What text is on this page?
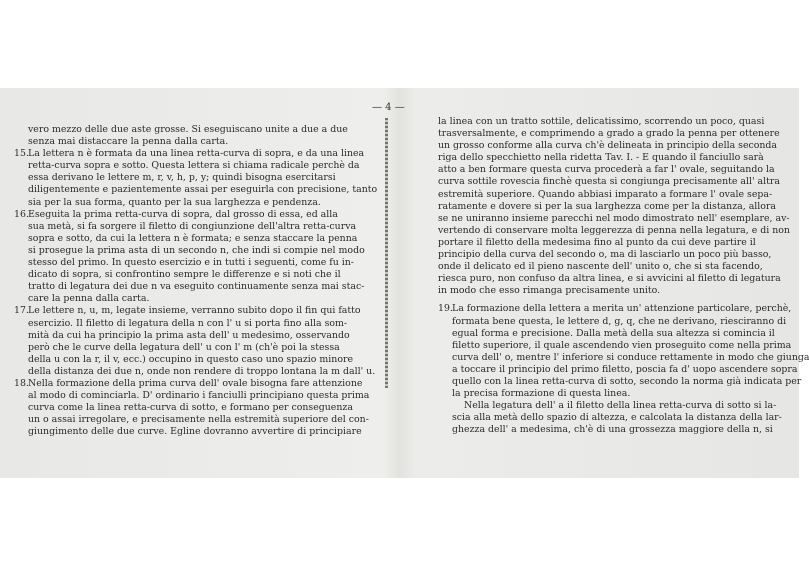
— 4 —
vero mezzo delle due aste grosse. Si eseguiscano unite a due a due
senza mai distaccare la penna dalla carta.
15. La lettera n è formata da una linea retta-curva di sopra, e da una linea
retta-curva sopra e sotto. Questa lettera si chiama radicale perchè da
essa derivano le lettere m, r, v, h, p, y; quindi bisogna esercitarsi
diligentemente e pazientemente assai per eseguirla con precisione, tanto
sia per la sua forma, quanto per la sua larghezza e pendenza.
16. Eseguita la prima retta-curva di sopra, dal grosso di essa, ed alla
sua metà, si fa sorgere il filetto di congiunzione dell'altra retta-curva
sopra e sotto, da cui la lettera n è formata; e senza staccare la penna
si prosegue la prima asta di un secondo n, che indi si compie nel modo
stesso del primo. In questo esercizio e in tutti i seguenti, come fu in-
dicato di sopra, si confrontino sempre le differenze e si noti che il
tratto di legatura dei due n va eseguito continuamente senza mai stac-
care la penna dalla carta.
17. Le lettere n, u, m, legate insieme, verranno subito dopo il fin qui fatto
esercizio. Il filetto di legatura della n con l' u si porta fino alla som-
mità da cui ha principio la prima asta dell' u medesimo, osservando
però che le curve della legatura dell' u con l' m (ch'è poi la stessa
della u con la r, il v, ecc.) occupino in questo caso uno spazio minore
della distanza dei due n, onde non rendere di troppo lontana la m dall' u.
18. Nella formazione della prima curva dell' ovale bisogna fare attenzione
al modo di cominciarla. D' ordinario i fanciulli principiano questa prima
curva come la linea retta-curva di sotto, e formano per conseguenza
un o assai irregolare, e precisamente nella estremità superiore del con-
giungimento delle due curve. Egline dovranno avvertire di principiare
la linea con un tratto sottile, delicatissimo, scorrendo un poco, quasi
trasversalmente, e comprimendo a grado a grado la penna per ottenere
un grosso conforme alla curva ch'è delineata in principio della seconda
riga dello specchietto nella ridetta Tav. I. - E quando il fanciullo sarà
atto a ben formare questa curva procederà a far l' ovale, seguitando la
curva sottile rovescia finchè questa si congiunga precisamente all' altra
estremità superiore. Quando abbiasi imparato a formare l' ovale sepa-
ratamente e dovere si per la sua larghezza come per la distanza, allora
se ne uniranno insieme parecchi nel modo dimostrato nell' esemplare, av-
vertendo di conservare molta leggerezza di penna nella legatura, e di non
portare il filetto della medesima fino al punto da cui deve partire il
principio della curva del secondo o, ma di lasciarlo un poco più basso,
onde il delicato ed il pieno nascente dell' unito o, che si sta facendo,
riesca puro, non confuso da altra linea, e si avvicini al filetto di legatura
in modo che esso rimanga precisamente unito.
19. La formazione della lettera a merita un' attenzione particolare, perchè,
formata bene questa, le lettere d, g, q, che ne derivano, riesciranno di
egual forma e precisione. Dalla metà della sua altezza si comincia il
filetto superiore, il quale ascendendo vien proseguito come nella prima
curva dell' o, mentre l' inferiore si conduce rettamente in modo che giunga
a toccare il principio del primo filetto, poscia fa d' uopo ascendere sopra
quello con la linea retta-curva di sotto, secondo la norma già indicata per
la precisa formazione di questa linea.
Nella legatura dell' a il filetto della linea retta-curva di sotto si la-
scia alla metà dello spazio di altezza, e calcolata la distanza della lar-
ghezza dell' a medesima, ch'è di una grossezza maggiore della n, si
